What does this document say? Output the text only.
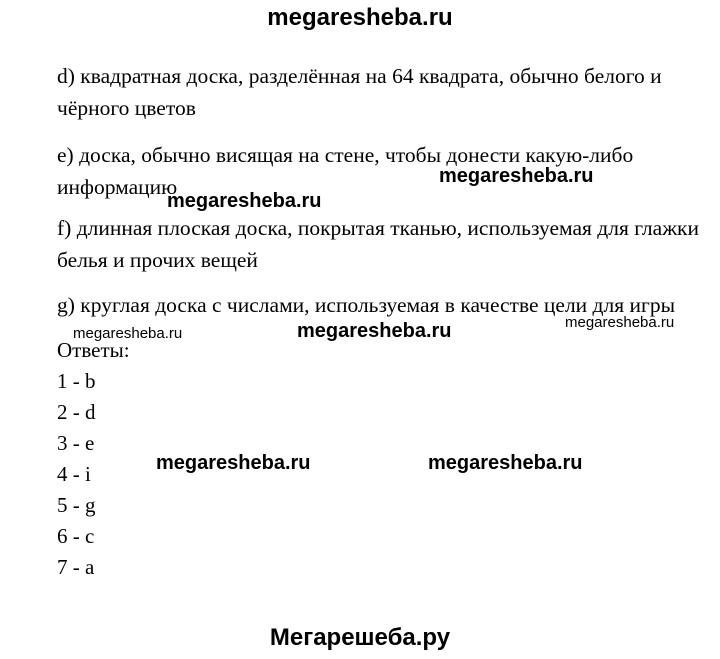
megaresheba.ru

d) квадратная доска, разделённая на 64 квадрата, обычно белого и чёрного цветов

e) доска, обычно висящая на стене, чтобы донести какую-либо информацию

f) длинная плоская доска, покрытая тканью, используемая для глажки белья и прочих вещей

g) круглая доска с числами, используемая в качестве цели для игры

Ответы:
1 - b
2 - d
3 - e
4 - i
5 - g
6 - c
7 - a
megaresheba.ru
megaresheba.ru
megaresheba.ru	megaresheba.ru	megaresheba.ru
megaresheba.ru	megaresheba.ru
Мегарешеба.ру
